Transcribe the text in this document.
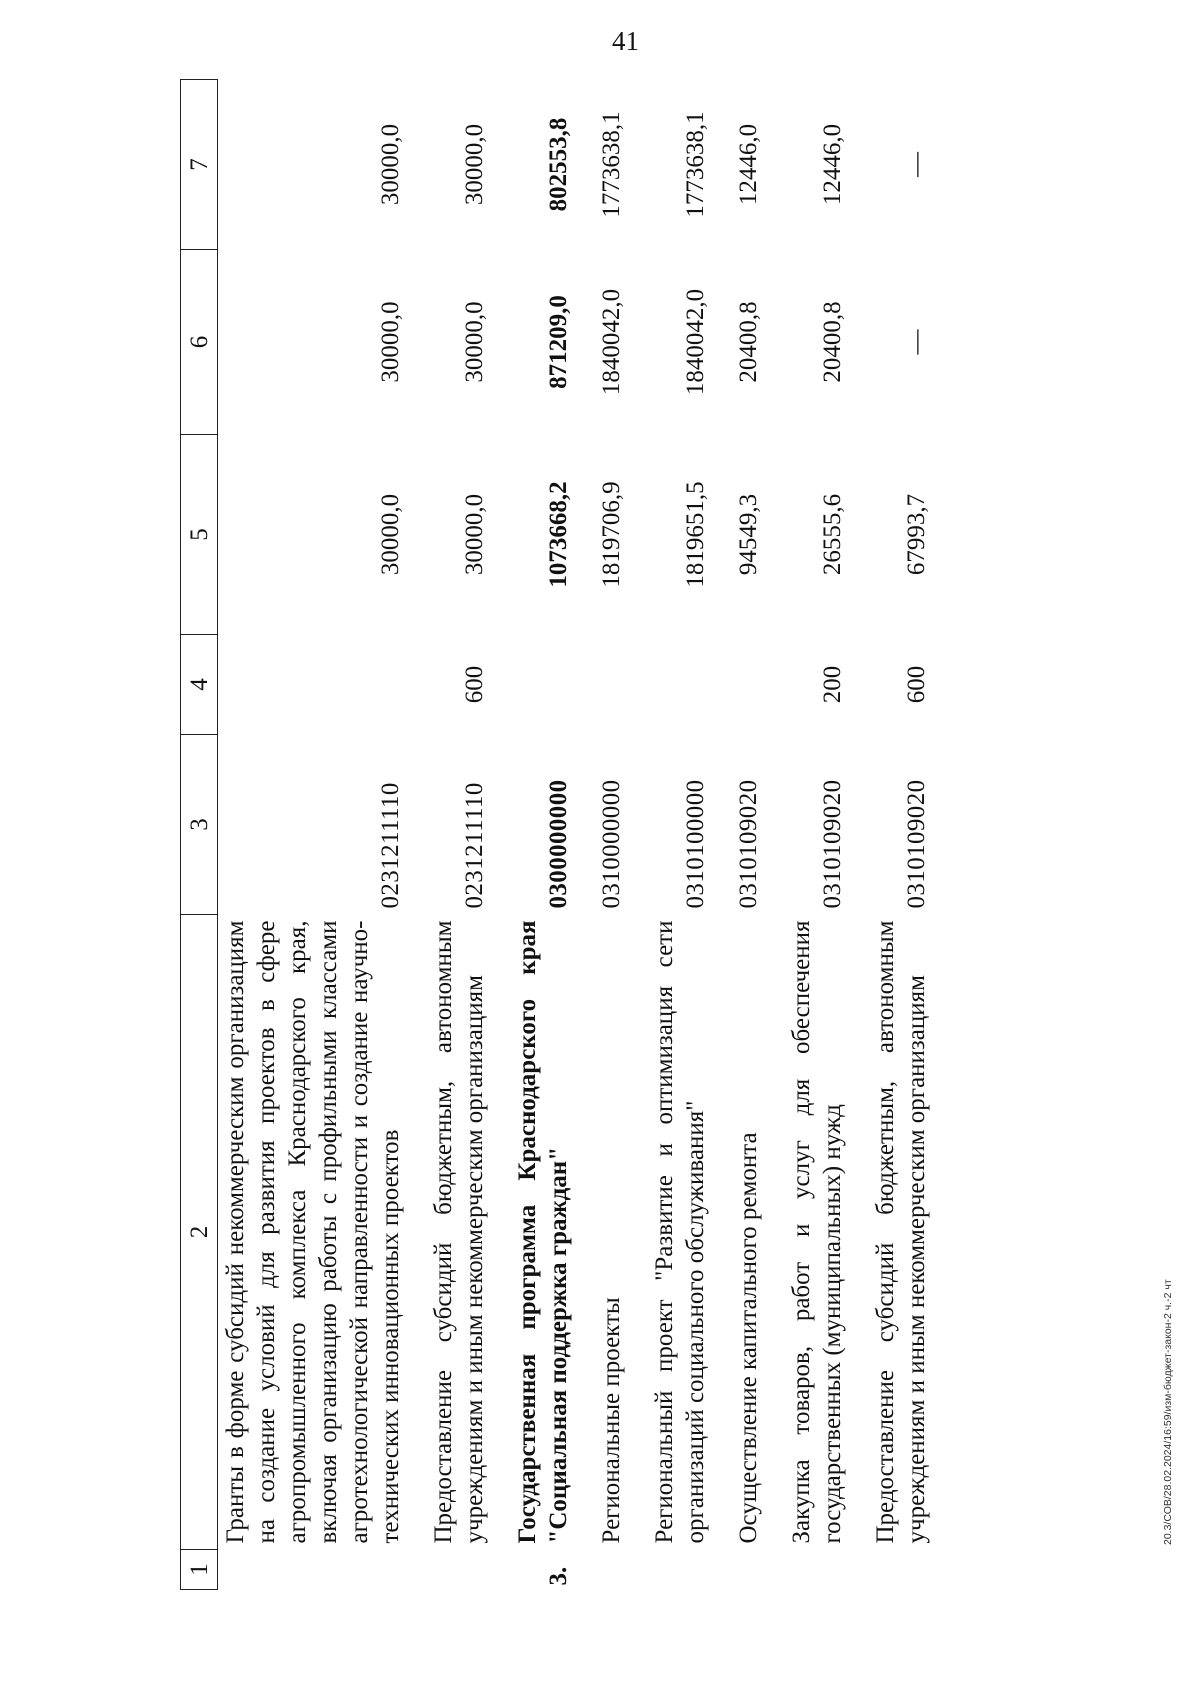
41
20.3/СОВ/28.02.2024/16:59/изм-бюджет-закон-2 ч.-2 чт
1	2	3	4	5	6	7
	Гранты в форме субсидий некоммерческим организациям на создание условий для развития проектов в сфере агропромышленного комплекса Краснодарского края, включая организацию работы с профильными классами агротехнологической направленности и создание научно-технических инновационных проектов	0231211110		30000,0	30000,0	30000,0
	Предоставление субсидий бюджетным, автономным учреждениям и иным некоммерческим организациям	0231211110	600	30000,0	30000,0	30000,0
3.	Государственная программа Краснодарского края "Социальная поддержка граждан"	0300000000		1073668,2	871209,0	802553,8
	Региональные проекты	0310000000		1819706,9	1840042,0	1773638,1
	Региональный проект "Развитие и оптимизация сети организаций социального обслуживания"	0310100000		1819651,5	1840042,0	1773638,1
	Осуществление капитального ремонта	0310109020		94549,3	20400,8	12446,0
	Закупка товаров, работ и услуг для обеспечения государственных (муниципальных) нужд	0310109020	200	26555,6	20400,8	12446,0
	Предоставление субсидий бюджетным, автономным учреждениям и иным некоммерческим организациям	0310109020	600	67993,7	—	—
